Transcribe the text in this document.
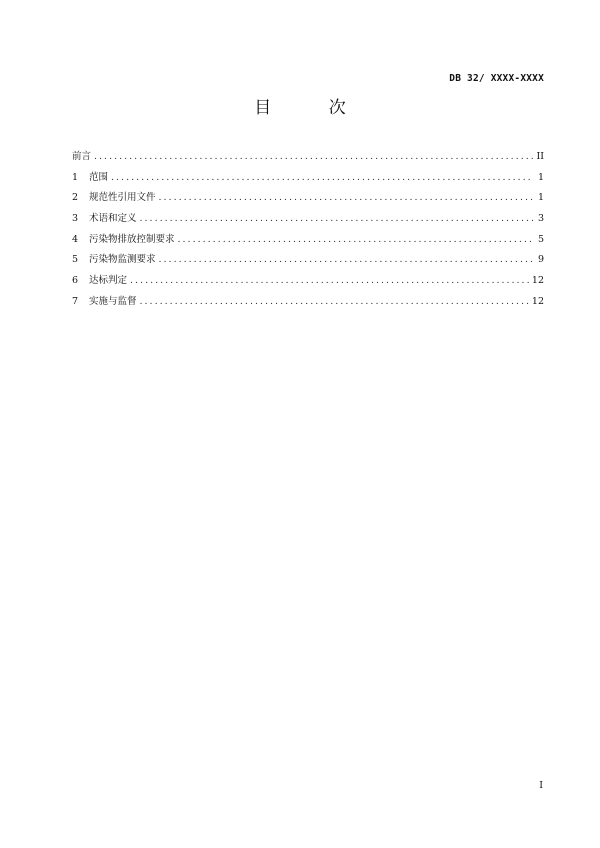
DB 32/ XXXX-XXXX
目 次
前言 .....	II
1	范围 .....	1
2	规范性引用文件 .....	1
3	术语和定义 .....	3
4	污染物排放控制要求 .....	5
5	污染物监测要求 .....	9
6	达标判定 .....	12
7	实施与监督 .....	12
I
